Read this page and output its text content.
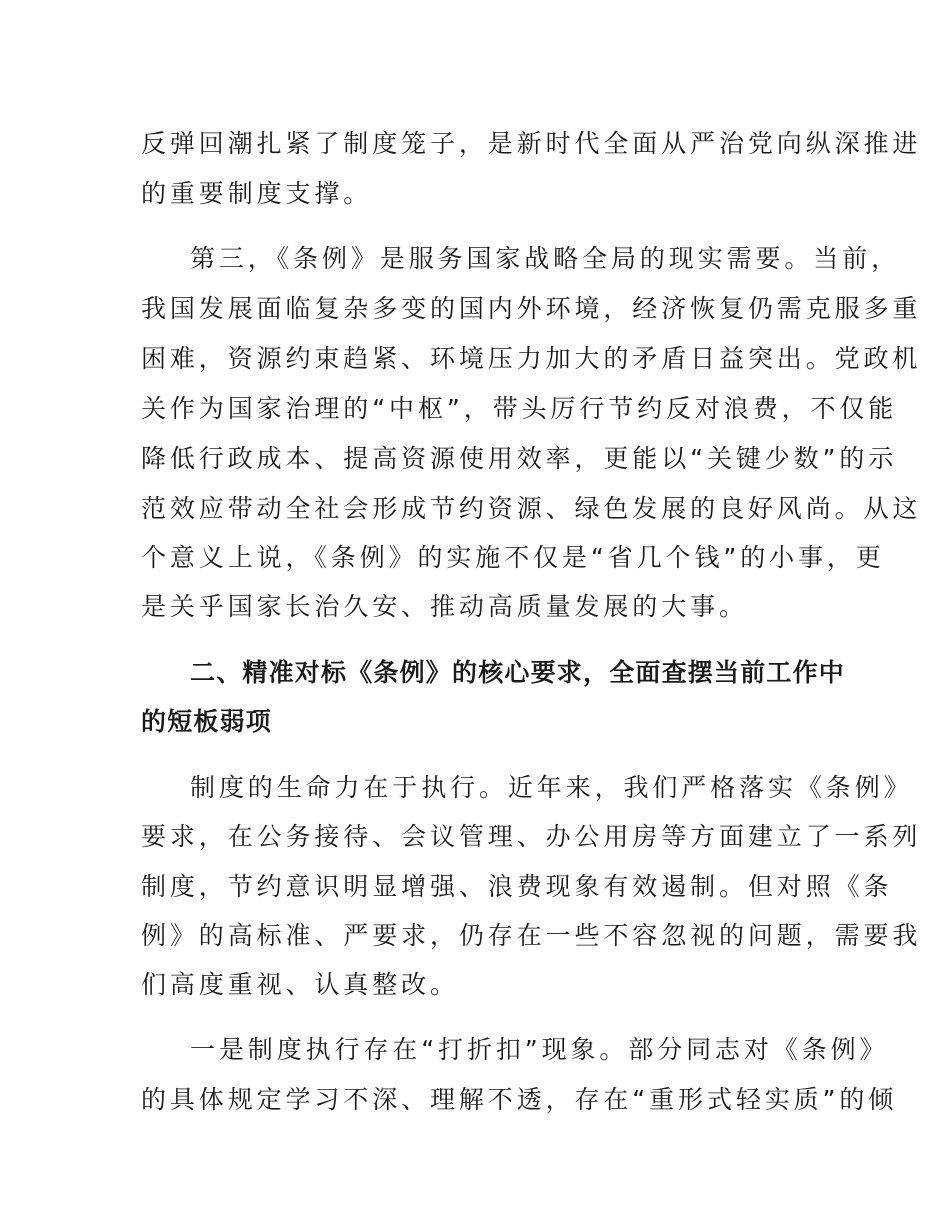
反弹回潮扎紧了制度笼子，是新时代全面从严治党向纵深推进
的重要制度支撑。
第三，《条例》是服务国家战略全局的现实需要。当前，
我国发展面临复杂多变的国内外环境，经济恢复仍需克服多重
困难，资源约束趋紧、环境压力加大的矛盾日益突出。党政机
关作为国家治理的“中枢”，带头厉行节约反对浪费，不仅能
降低行政成本、提高资源使用效率，更能以“关键少数”的示
范效应带动全社会形成节约资源、绿色发展的良好风尚。从这
个意义上说，《条例》的实施不仅是“省几个钱”的小事，更
是关乎国家长治久安、推动高质量发展的大事。
二、精准对标《条例》的核心要求，全面查摆当前工作中
的短板弱项
制度的生命力在于执行。近年来，我们严格落实《条例》
要求，在公务接待、会议管理、办公用房等方面建立了一系列
制度，节约意识明显增强、浪费现象有效遏制。但对照《条
例》的高标准、严要求，仍存在一些不容忽视的问题，需要我
们高度重视、认真整改。
一是制度执行存在“打折扣”现象。部分同志对《条例》
的具体规定学习不深、理解不透，存在“重形式轻实质”的倾
